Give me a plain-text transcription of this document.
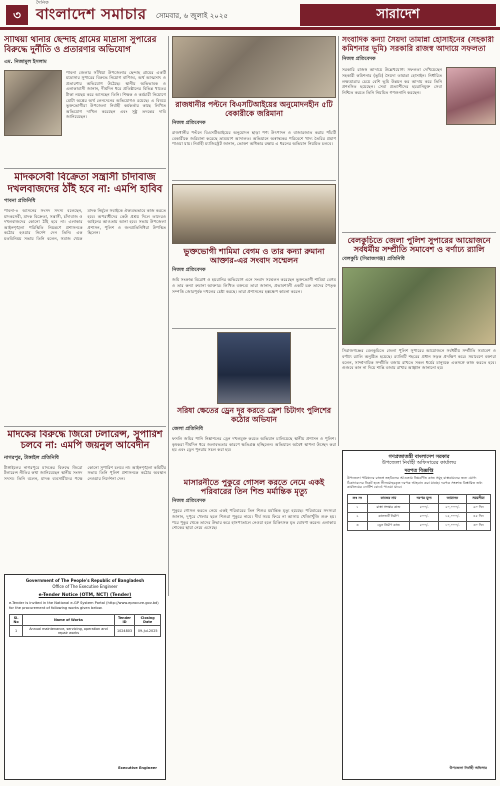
৩
দৈনিক
বাংলাদেশ সমাচার সোমবার, ৬ জুলাই ২০২৫	সারাদেশ
সাঁথিয়া থানার ছেন্দাহ গ্রামের মাদ্রাসা সুপারের বিরুদ্ধে দুর্নীতি ও প্রতারণার অভিযোগ
এম. নিজামুল ইসলাম
পাবনা জেলার সাঁথিয়া উপজেলার ছেন্দাহ গ্রামের একটি মাদ্রাসার সুপারের বিরুদ্ধে নিয়োগ বাণিজ্য, অর্থ আত্মসাৎ ও প্রতারণার অভিযোগ উঠেছে। স্থানীয় অভিভাবক ও এলাকাবাসী জানান, দীর্ঘদিন ধরে প্রতিষ্ঠানের বিভিন্ন খাতের টাকা নয়ছয় করে আসছেন তিনি। শিক্ষক ও কর্মচারী নিয়োগে মোটা অঙ্কের অর্থ লেনদেনের অভিযোগও রয়েছে। এ বিষয়ে ভুক্তভোগীরা উপজেলা নির্বাহী কর্মকর্তার কাছে লিখিত অভিযোগ দাখিল করেছেন এবং সুষ্ঠু তদন্তের দাবি জানিয়েছেন।
রাজধানীর পল্টনে বিএসটিআইয়ের অনুমোদনহীন ৫টি বেকারীকে জরিমানা
নিজস্ব প্রতিবেদক
রাজধানীর পল্টনে বিএসটিআইয়ের অনুমোদন ছাড়া পণ্য উৎপাদন ও বাজারজাত করায় পাঁচটি বেকারীকে জরিমানা করেছে ভ্রাম্যমাণ আদালত। অভিযানে অস্বাস্থ্যকর পরিবেশে খাদ্য তৈরির প্রমাণ পাওয়া যায়। নির্বাহী ম্যাজিস্ট্রেট জানান, ভোক্তা অধিকার রক্ষায় এ ধরনের অভিযান নিয়মিত চলবে।
সংবাদিক কন্যা সৈয়দা তামান্না হোসাইনের (সহকারী কমিশনার ভূমি) সরকারি রাজস্ব আদায়ে সফলতা
নিজস্ব প্রতিবেদক
সরকারি রাজস্ব আদায়ে উল্লেখযোগ্য সফলতা দেখিয়েছেন সহকারী কমিশনার (ভূমি) সৈয়দা তামান্না হোসাইন। নির্ধারিত লক্ষ্যমাত্রার চেয়ে বেশি ভূমি উন্নয়ন কর আদায় করে তিনি প্রশংসিত হয়েছেন। সেবা প্রত্যাশীদের হয়রানিমুক্ত সেবা নিশ্চিত করতে তিনি নিয়মিত গণশুনানি করছেন।
মাদকসেবী বিক্রেতা সন্ত্রাসী চাঁদাবাজ দখলবাজদের ঠাঁই হবে না: এমপি হাবিব
পাবনা প্রতিনিধি
পাবনা-৪ আসনের সংসদ সদস্য বলেছেন, মাদকসেবী, মাদক বিক্রেতা, সন্ত্রাসী, চাঁদাবাজ ও দখলবাজদের কোনো ঠাঁই হবে না। এলাকার আইনশৃঙ্খলা পরিস্থিতি নিয়ন্ত্রণে প্রশাসনকে কঠোর হওয়ার নির্দেশ দেন তিনি। এক মতবিনিময় সভায় তিনি বলেন, সমাজ থেকে মাদক নির্মূলে সবাইকে ঐক্যবদ্ধভাবে কাজ করতে হবে। অপরাধীদের কেউ প্রশ্রয় দিলে তাদেরও আইনের আওতায় আনা হবে। সভায় উপজেলা প্রশাসন, পুলিশ ও জনপ্রতিনিধিরা উপস্থিত ছিলেন।
ভুক্তভোগী শামিমা বেগম ও তার কন্যা রুমানা আক্তার-এর সংবাদ সম্মেলন
নিজস্ব প্রতিবেদক
জমি সংক্রান্ত বিরোধ ও হয়রানির অভিযোগ এনে সংবাদ সম্মেলন করেছেন ভুক্তভোগী শামিমা বেগম ও তার কন্যা রুমানা আক্তার। লিখিত বক্তব্যে তারা জানান, প্রভাবশালী একটি চক্র তাদের পৈতৃক সম্পত্তি জোরপূর্বক দখলের চেষ্টা করছে। তারা প্রশাসনের হস্তক্ষেপ কামনা করেন।
বেলকুচিতে জেলা পুলিশ সুপারের আয়োজনে সর্বধর্মীয় সম্প্রীতি সমাবেশ ও বর্ণাঢ্য র‌্যালি
বেলকুচি (সিরাজগঞ্জ) প্রতিনিধি
সিরাজগঞ্জের বেলকুচিতে জেলা পুলিশ সুপারের আয়োজনে সর্বধর্মীয় সম্প্রীতি সমাবেশ ও বর্ণাঢ্য র‌্যালি অনুষ্ঠিত হয়েছে। র‌্যালিটি শহরের প্রধান সড়ক প্রদক্ষিণ করে। সমাবেশে বক্তারা বলেন, সাম্প্রদায়িক সম্প্রীতি বজায় রাখতে সকল ধর্মের মানুষকে একসঙ্গে কাজ করতে হবে। গুজবে কান না দিয়ে শান্তি বজায় রাখার আহ্বান জানানো হয়।
সরিষা ক্ষেতের ড্রেন দূর করতে ফ্রেশ চিটাগং পুলিশের কঠোর অভিযান
জেলা প্রতিনিধি
ফসলি জমির পানি নিষ্কাশনের ড্রেন দখলমুক্ত করতে অভিযান চালিয়েছে স্থানীয় প্রশাসন ও পুলিশ। কৃষকরা দীর্ঘদিন ধরে জলাবদ্ধতার কারণে ক্ষতিগ্রস্ত হচ্ছিলেন। অভিযানে অবৈধ স্থাপনা উচ্ছেদ করা হয় এবং ড্রেন পুনরায় সচল করা হয়।
মাদকের বিরুদ্ধে জিরো টলারেন্স, সুপারিশ চলবে না: এমপি জয়নুল আবেদীন
নাগরপুর, টাঙ্গাইল প্রতিনিধি
টাঙ্গাইলের নাগরপুরে মাদকের বিরুদ্ধে জিরো টলারেন্স নীতির কথা জানিয়েছেন স্থানীয় সংসদ সদস্য। তিনি বলেন, মাদক ব্যবসায়ীদের পক্ষে কোনো সুপারিশ চলবে না। আইনশৃঙ্খলা কমিটির সভায় তিনি পুলিশ প্রশাসনকে কঠোর অবস্থান নেওয়ার নির্দেশনা দেন।
গণপ্রজাতন্ত্রী বাংলাদেশ সরকার
উপজেলা নির্বাহী অফিসারের কার্যালয়
দরপত্র বিজ্ঞপ্তি
উপজেলা পরিষদের রাজস্ব তহবিলের আওতায় নিম্নবর্ণিত কাজ সমূহ বাস্তবায়নের জন্য যোগ্য ঠিকাদারদের নিকট হতে সীলমোহরকৃত দরপত্র আহবান করা যাচ্ছে। দরপত্র সংক্রান্ত বিস্তারিত তথ্য কার্যালয়ের নোটিশ বোর্ডে পাওয়া যাবে।
ক্রঃ নং	কাজের নাম	দরপত্র মূল্য	জামানত	সময়সীমা
১	রাস্তা সংস্কার কাজ	৫০০/-	২০,০০০/-	৬০ দিন
২	কালভার্ট নির্মাণ	৫০০/-	১৫,০০০/-	৪৫ দিন
৩	ড্রেন নির্মাণ কাজ	৫০০/-	১০,০০০/-	৩০ দিন
উপজেলা নির্বাহী অফিসার
মাসারনীতে পুকুরে গোসল করতে নেমে একই পরিবারের তিন শিশু মর্মান্তিক মৃত্যু
নিজস্ব প্রতিবেদক
পুকুরে গোসল করতে নেমে একই পরিবারের তিন শিশুর মর্মান্তিক মৃত্যু হয়েছে। পরিবারের সদস্যরা জানান, দুপুরে খেলার ছলে শিশুরা পুকুরে নামে। দীর্ঘ সময় ফিরে না আসায় খোঁজাখুঁজি শুরু হয়। পরে পুকুর থেকে তাদের উদ্ধার করে হাসপাতালে নেওয়া হলে চিকিৎসক মৃত ঘোষণা করেন। এলাকায় শোকের ছায়া নেমে এসেছে।
Government of The People's Republic of Bangladesh
Office of The Executive Engineer
e-Tender Notice (OTM, NCT) (Tender)
e-Tender is invited in the National e-GP System Portal (http://www.eprocure.gov.bd) for the procurement of following works given below.
Sl. No	Name of Works	Tender ID	Closing Date
1	Annual maintenance, servicing, operation and repair works	1024803	09-Jul-2025
Executive Engineer
